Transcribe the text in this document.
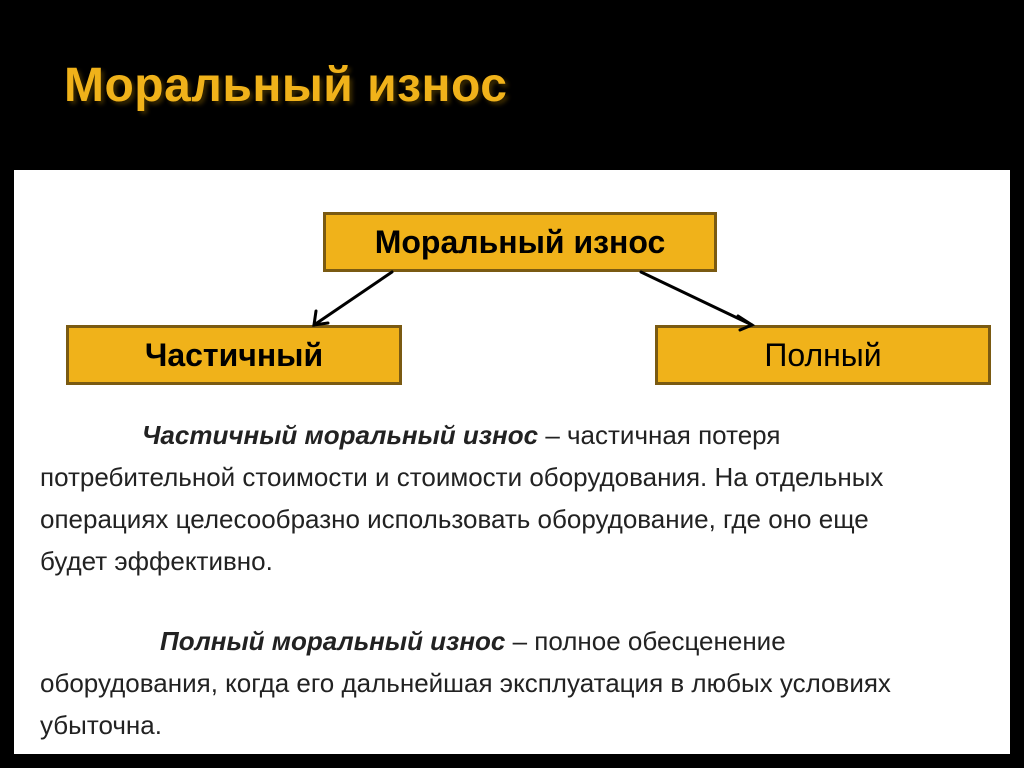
Моральный износ
Моральный износ
Частичный	Полный
Частичный моральный износ – частичная потеря потребительной стоимости и стоимости оборудования. На отдельных операциях целесообразно использовать оборудование, где оно еще будет эффективно.
Полный моральный износ – полное обесценение оборудования, когда его дальнейшая эксплуатация в любых условиях убыточна.
